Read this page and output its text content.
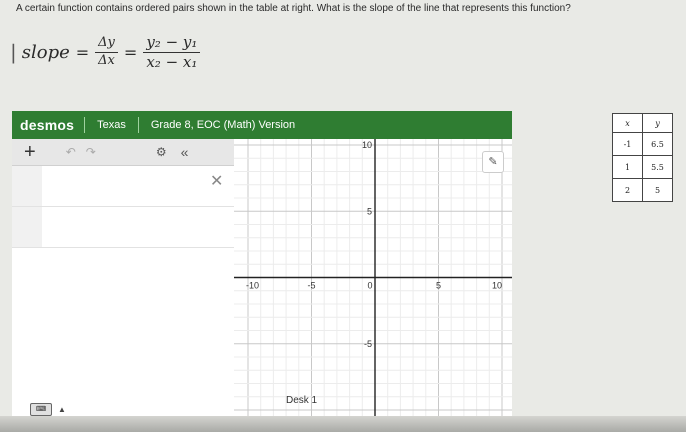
A certain function contains ordered pairs shown in the table at right. What is the slope of the line that represents this function?
| slope = $\frac{\Delta y}{\Delta x} = \frac{\text{y₂ − y₁}}{\text{x₂ − x₁}}$
desmos	Texas	Grade 8, EOC (Math) Version
+	↶ ↷	⚙ «
✕
-10	-5	0	5	10
10
5
-5
✎
Desk 1
⌨	▲
x	y
-1	6.5
1	5.5
2	5
